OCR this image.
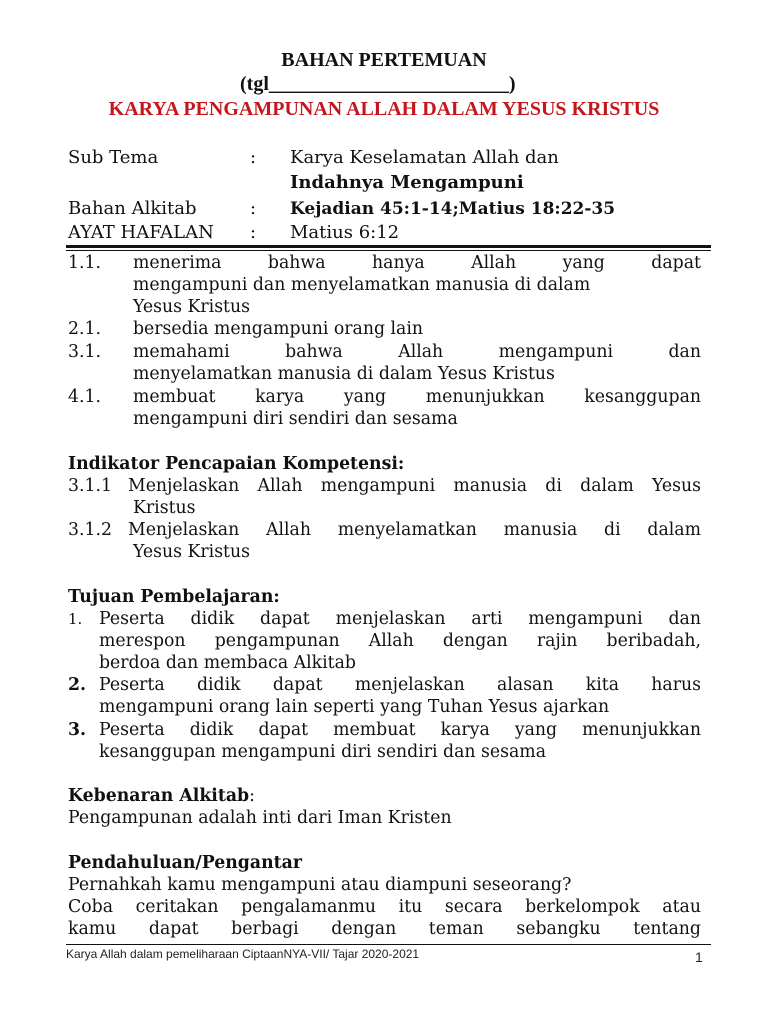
BAHAN PERTEMUAN
(tgl________________________)
KARYA PENGAMPUNAN ALLAH DALAM YESUS KRISTUS
Sub Tema	: Karya Keselamatan Allah dan
Indahnya Mengampuni
Bahan Alkitab	: Kejadian 45:1-14;Matius 18:22-35
AYAT HAFALAN : Matius 6:12
1.1. menerima bahwa hanya Allah yang dapat
mengampuni dan menyelamatkan manusia di dalam
Yesus Kristus
2.1. bersedia mengampuni orang lain
3.1. memahami bahwa Allah mengampuni dan
menyelamatkan manusia di dalam Yesus Kristus
4.1. membuat karya yang menunjukkan kesanggupan
mengampuni diri sendiri dan sesama
Indikator Pencapaian Kompetensi:
3.1.1 Menjelaskan Allah mengampuni manusia di dalam Yesus
Kristus
3.1.2 Menjelaskan Allah menyelamatkan manusia di dalam
Yesus Kristus
Tujuan Pembelajaran:
1. Peserta didik dapat menjelaskan arti mengampuni dan
merespon pengampunan Allah dengan rajin beribadah,
berdoa dan membaca Alkitab
2. Peserta didik dapat menjelaskan alasan kita harus
mengampuni orang lain seperti yang Tuhan Yesus ajarkan
3. Peserta didik dapat membuat karya yang menunjukkan
kesanggupan mengampuni diri sendiri dan sesama
Kebenaran Alkitab:
Pengampunan adalah inti dari Iman Kristen
Pendahuluan/Pengantar
Pernahkah kamu mengampuni atau diampuni seseorang?
Coba ceritakan pengalamanmu itu secara berkelompok atau
kamu dapat berbagi dengan teman sebangku tentang
Karya Allah dalam pemeliharaan CiptaanNYA-VII/ Tajar 2020-2021	1
